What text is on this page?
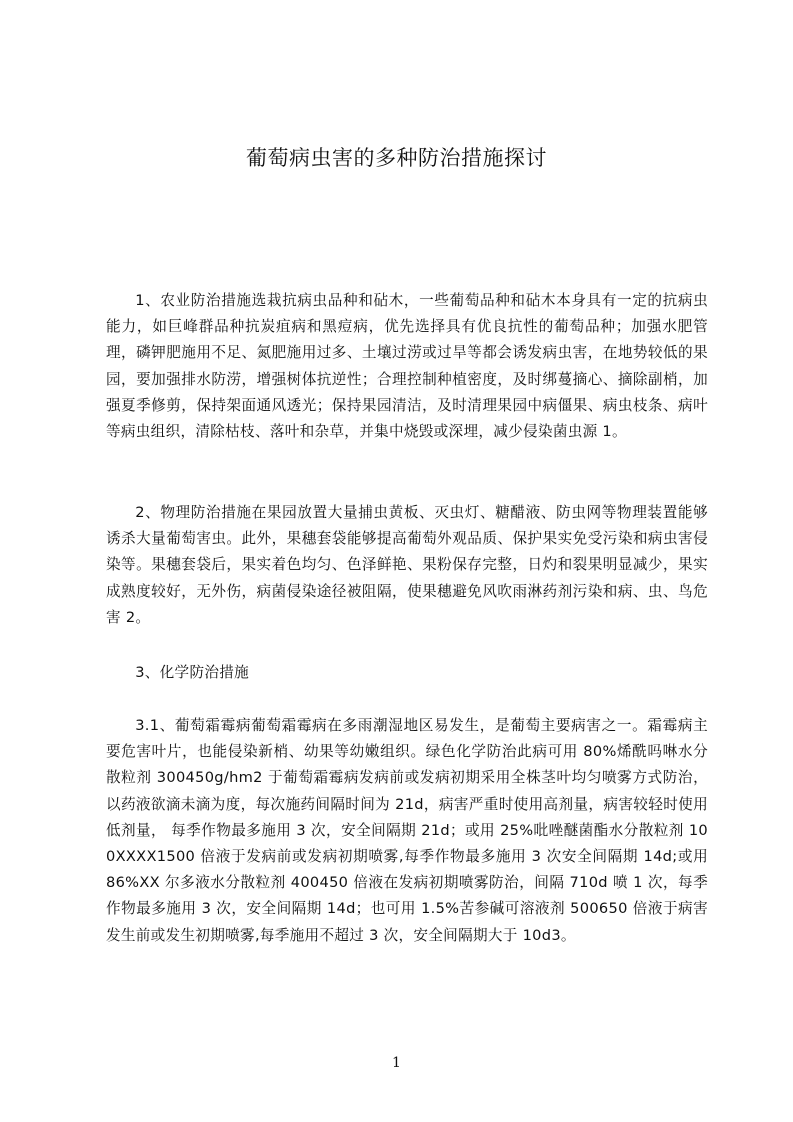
葡萄病虫害的多种防治措施探讨

1、农业防治措施选栽抗病虫品种和砧木，一些葡萄品种和砧木本身具有一定的抗病虫能力，如巨峰群品种抗炭疽病和黑痘病，优先选择具有优良抗性的葡萄品种；加强水肥管理，磷钾肥施用不足、氮肥施用过多、土壤过涝或过旱等都会诱发病虫害，在地势较低的果园，要加强排水防涝，增强树体抗逆性；合理控制种植密度，及时绑蔓摘心、摘除副梢，加强夏季修剪，保持架面通风透光；保持果园清洁，及时清理果园中病僵果、病虫枝条、病叶等病虫组织，清除枯枝、落叶和杂草，并集中烧毁或深埋，减少侵染菌虫源 1。

2、物理防治措施在果园放置大量捕虫黄板、灭虫灯、糖醋液、防虫网等物理装置能够诱杀大量葡萄害虫。此外，果穗套袋能够提高葡萄外观品质、保护果实免受污染和病虫害侵染等。果穗套袋后，果实着色均匀、色泽鲜艳、果粉保存完整，日灼和裂果明显减少，果实成熟度较好，无外伤，病菌侵染途径被阻隔，使果穗避免风吹雨淋药剂污染和病、虫、鸟危害 2。

3、化学防治措施

3.1、葡萄霜霉病葡萄霜霉病在多雨潮湿地区易发生，是葡萄主要病害之一。霜霉病主要危害叶片，也能侵染新梢、幼果等幼嫩组织。绿色化学防治此病可用 80%烯酰吗啉水分散粒剂 300450g/hm2 于葡萄霜霉病发病前或发病初期采用全株茎叶均匀喷雾方式防治，以药液欲滴未滴为度，每次施药间隔时间为 21d，病害严重时使用高剂量，病害较轻时使用低剂量， 每季作物最多施用 3 次，安全间隔期 21d；或用 25%吡唑醚菌酯水分散粒剂 100XXXX1500 倍液于发病前或发病初期喷雾,每季作物最多施用 3 次安全间隔期 14d;或用 86%XX 尔多液水分散粒剂 400450 倍液在发病初期喷雾防治，间隔 710d 喷 1 次，每季作物最多施用 3 次，安全间隔期 14d；也可用 1.5%苦参碱可溶液剂 500650 倍液于病害发生前或发生初期喷雾,每季施用不超过 3 次，安全间隔期大于 10d3。

1
